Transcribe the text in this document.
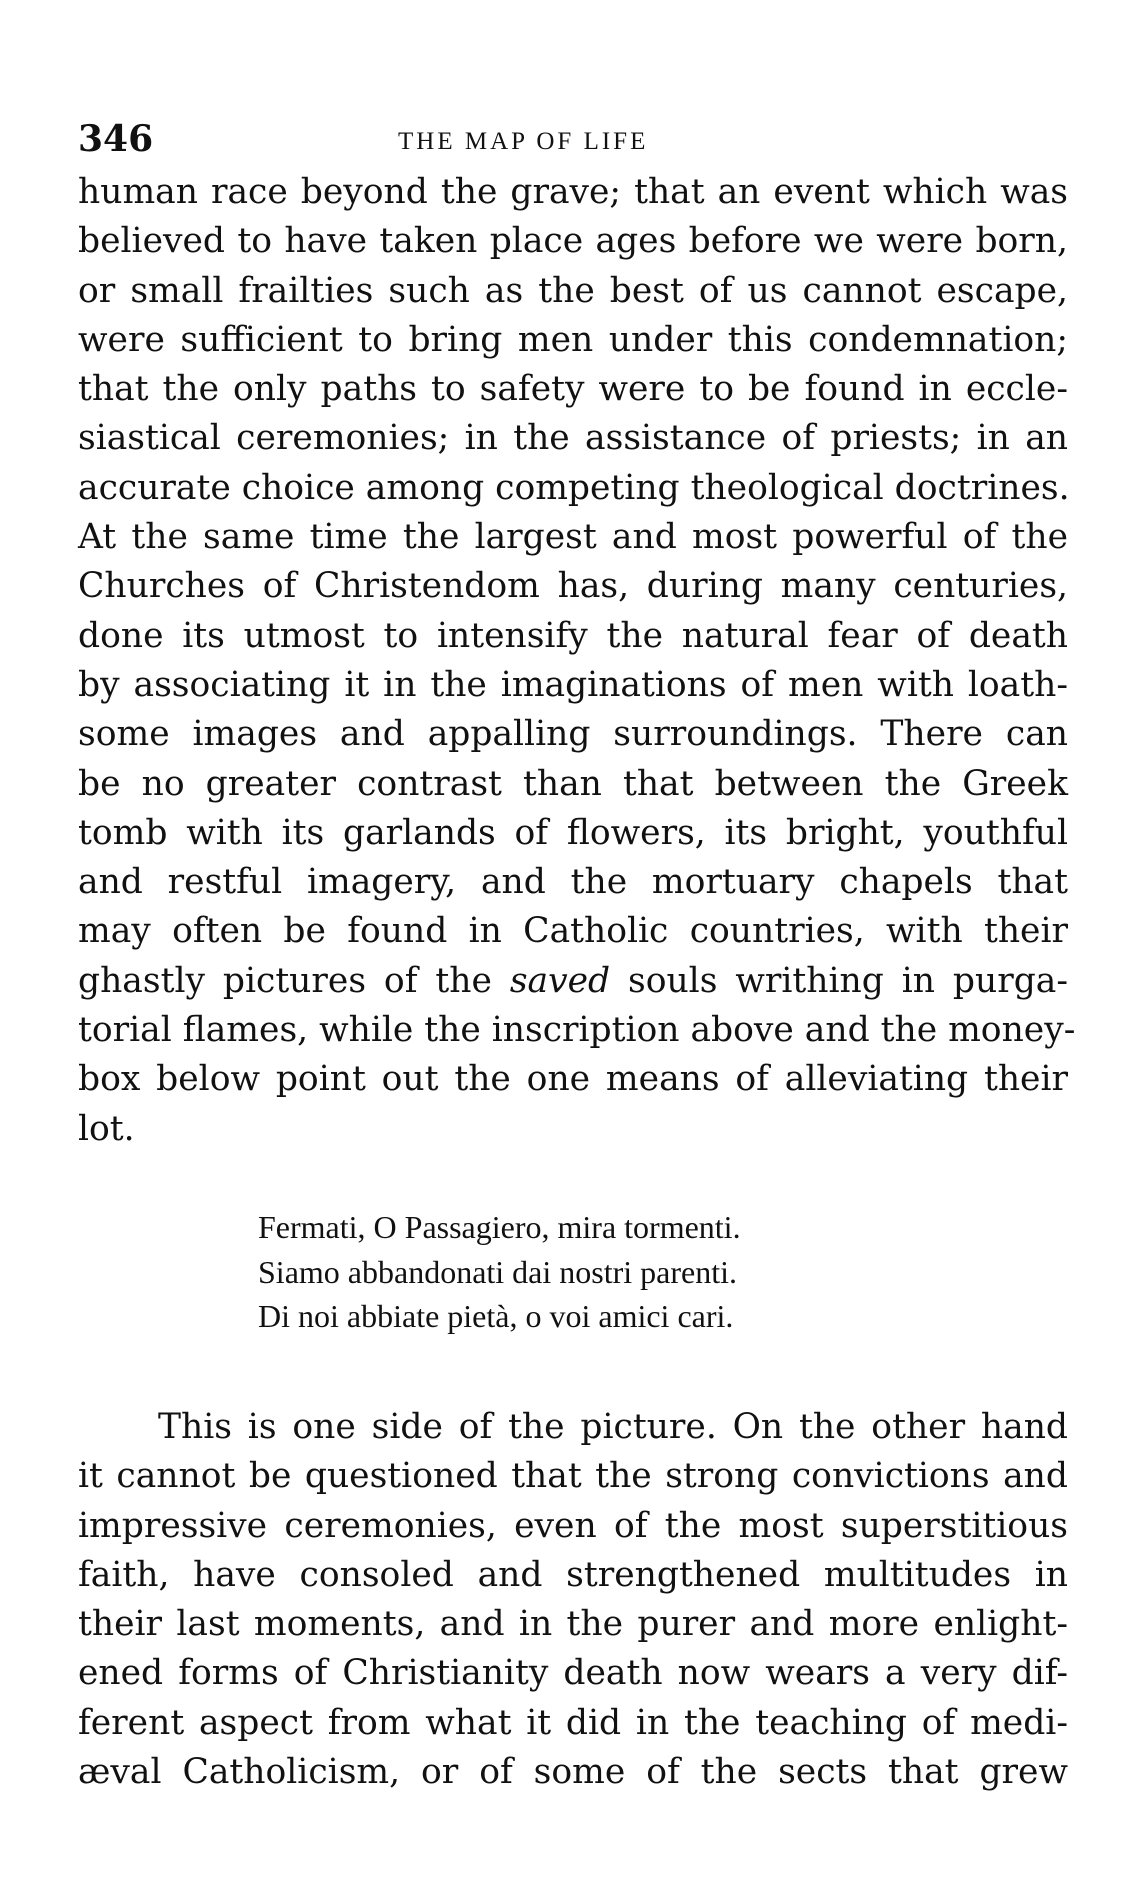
346	THE MAP OF LIFE
human race beyond the grave; that an event which was
believed to have taken place ages before we were born,
or small frailties such as the best of us cannot escape,
were sufficient to bring men under this condemnation;
that the only paths to safety were to be found in eccle-
siastical ceremonies; in the assistance of priests; in an
accurate choice among competing theological doctrines.
At the same time the largest and most powerful of the
Churches of Christendom has, during many centuries,
done its utmost to intensify the natural fear of death
by associating it in the imaginations of men with loath-
some images and appalling surroundings. There can
be no greater contrast than that between the Greek
tomb with its garlands of flowers, its bright, youthful
and restful imagery, and the mortuary chapels that
may often be found in Catholic countries, with their
ghastly pictures of the saved souls writhing in purga-
torial flames, while the inscription above and the money-
box below point out the one means of alleviating their
lot.
Fermati, O Passagiero, mira tormenti.
Siamo abbandonati dai nostri parenti.
Di noi abbiate pietà, o voi amici cari.
This is one side of the picture. On the other hand
it cannot be questioned that the strong convictions and
impressive ceremonies, even of the most superstitious
faith, have consoled and strengthened multitudes in
their last moments, and in the purer and more enlight-
ened forms of Christianity death now wears a very dif-
ferent aspect from what it did in the teaching of medi-
æval Catholicism, or of some of the sects that grew
